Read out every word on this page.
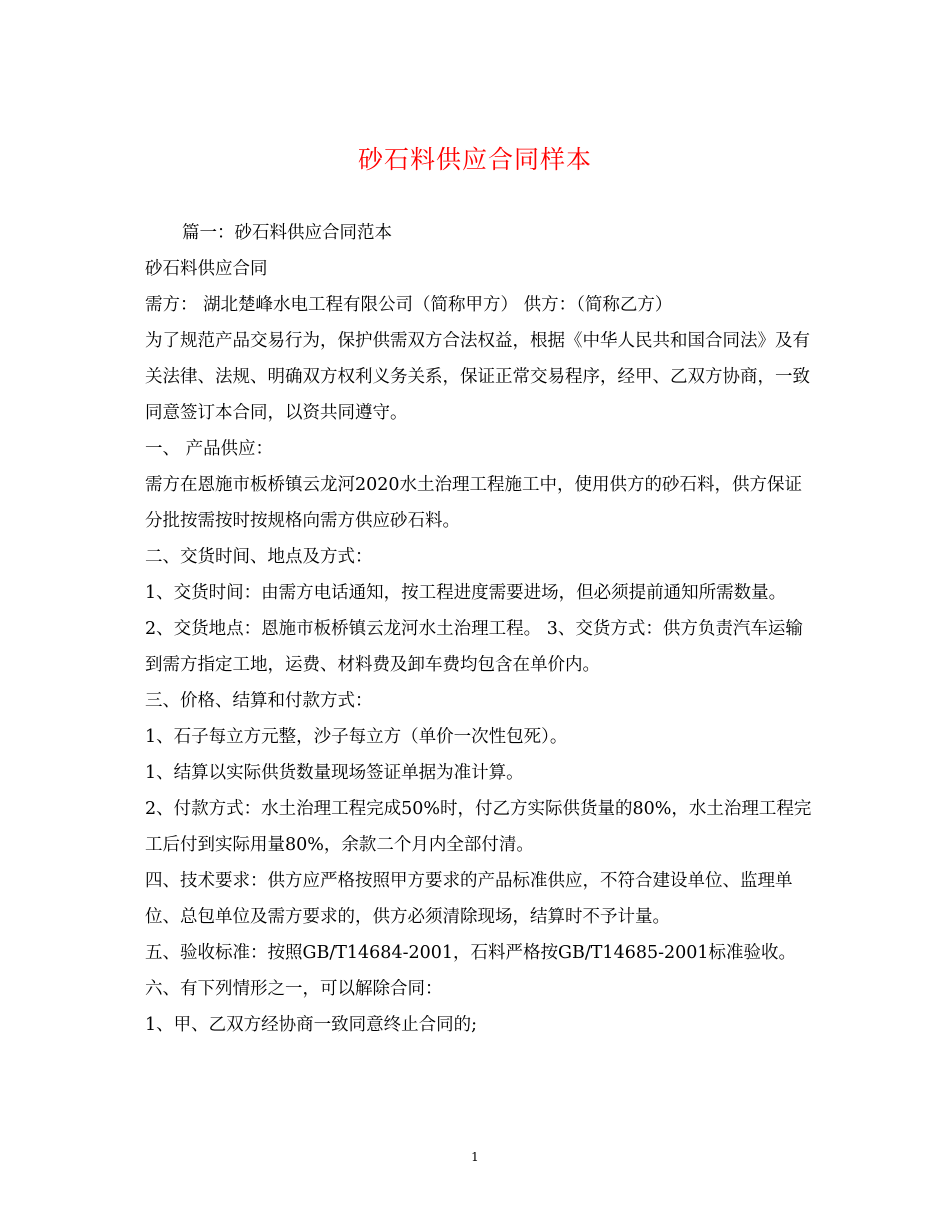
砂石料供应合同样本

篇一：砂石料供应合同范本

砂石料供应合同

需方： 湖北楚峰水电工程有限公司（简称甲方） 供方：（简称乙方）

为了规范产品交易行为，保护供需双方合法权益，根据《中华人民共和国合同法》及有关法律、法规、明确双方权利义务关系，保证正常交易程序，经甲、乙双方协商，一致同意签订本合同，以资共同遵守。

一、 产品供应：

需方在恩施市板桥镇云龙河2020水土治理工程施工中，使用供方的砂石料，供方保证分批按需按时按规格向需方供应砂石料。

二、交货时间、地点及方式：

1、交货时间：由需方电话通知，按工程进度需要进场，但必须提前通知所需数量。

2、交货地点：恩施市板桥镇云龙河水土治理工程。 3、交货方式：供方负责汽车运输到需方指定工地，运费、材料费及卸车费均包含在单价内。

三、价格、结算和付款方式：

1、石子每立方元整，沙子每立方（单价一次性包死）。

1、结算以实际供货数量现场签证单据为准计算。

2、付款方式：水土治理工程完成50%时，付乙方实际供货量的80%，水土治理工程完工后付到实际用量80%，余款二个月内全部付清。

四、技术要求：供方应严格按照甲方要求的产品标准供应，不符合建设单位、监理单位、总包单位及需方要求的，供方必须清除现场，结算时不予计量。

五、验收标准：按照GB/T14684-2001，石料严格按GB/T14685-2001标准验收。

六、有下列情形之一，可以解除合同：

1、甲、乙双方经协商一致同意终止合同的;

1
